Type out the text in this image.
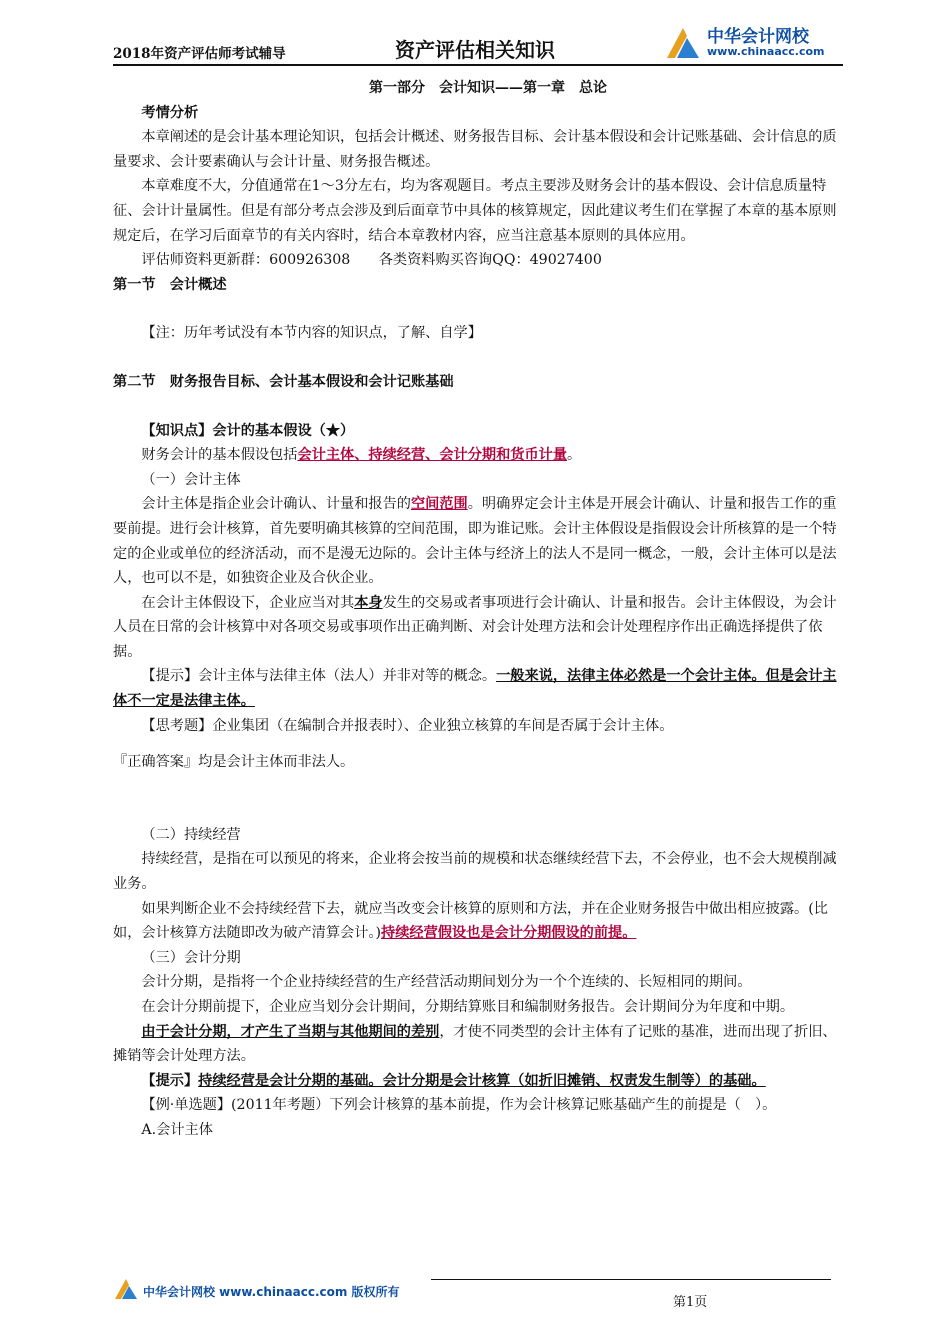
2018年资产评估师考试辅导	资产评估相关知识
中华会计网校
www.chinaacc.com

第一部分　会计知识——第一章　总论

考情分析

本章阐述的是会计基本理论知识，包括会计概述、财务报告目标、会计基本假设和会计记账基础、会计信息的质量要求、会计要素确认与会计计量、财务报告概述。

本章难度不大，分值通常在1～3分左右，均为客观题目。考点主要涉及财务会计的基本假设、会计信息质量特征、会计计量属性。但是有部分考点会涉及到后面章节中具体的核算规定，因此建议考生们在掌握了本章的基本原则规定后，在学习后面章节的有关内容时，结合本章教材内容，应当注意基本原则的具体应用。

评估师资料更新群：600926308　　各类资料购买咨询QQ：49027400

第一节　会计概述

【注：历年考试没有本节内容的知识点，了解、自学】

第二节　财务报告目标、会计基本假设和会计记账基础

【知识点】会计的基本假设（★）

财务会计的基本假设包括会计主体、持续经营、会计分期和货币计量。

（一）会计主体

会计主体是指企业会计确认、计量和报告的空间范围。明确界定会计主体是开展会计确认、计量和报告工作的重要前提。进行会计核算，首先要明确其核算的空间范围，即为谁记账。会计主体假设是指假设会计所核算的是一个特定的企业或单位的经济活动，而不是漫无边际的。会计主体与经济上的法人不是同一概念，一般，会计主体可以是法人，也可以不是，如独资企业及合伙企业。

在会计主体假设下，企业应当对其本身发生的交易或者事项进行会计确认、计量和报告。会计主体假设，为会计人员在日常的会计核算中对各项交易或事项作出正确判断、对会计处理方法和会计处理程序作出正确选择提供了依据。

【提示】会计主体与法律主体（法人）并非对等的概念。一般来说，法律主体必然是一个会计主体。但是会计主体不一定是法律主体。

【思考题】企业集团（在编制合并报表时）、企业独立核算的车间是否属于会计主体。

『正确答案』均是会计主体而非法人。

（二）持续经营

持续经营，是指在可以预见的将来，企业将会按当前的规模和状态继续经营下去，不会停业，也不会大规模削减业务。

如果判断企业不会持续经营下去，就应当改变会计核算的原则和方法，并在企业财务报告中做出相应披露。(比如，会计核算方法随即改为破产清算会计。)持续经营假设也是会计分期假设的前提。

（三）会计分期

会计分期，是指将一个企业持续经营的生产经营活动期间划分为一个个连续的、长短相同的期间。

在会计分期前提下，企业应当划分会计期间，分期结算账目和编制财务报告。会计期间分为年度和中期。

由于会计分期，才产生了当期与其他期间的差别，才使不同类型的会计主体有了记账的基准，进而出现了折旧、摊销等会计处理方法。

【提示】持续经营是会计分期的基础。会计分期是会计核算（如折旧摊销、权责发生制等）的基础。

【例·单选题】(2011年考题）下列会计核算的基本前提，作为会计核算记账基础产生的前提是（　）。

A.会计主体

中华会计网校 www.chinaacc.com 版权所有
第1页
